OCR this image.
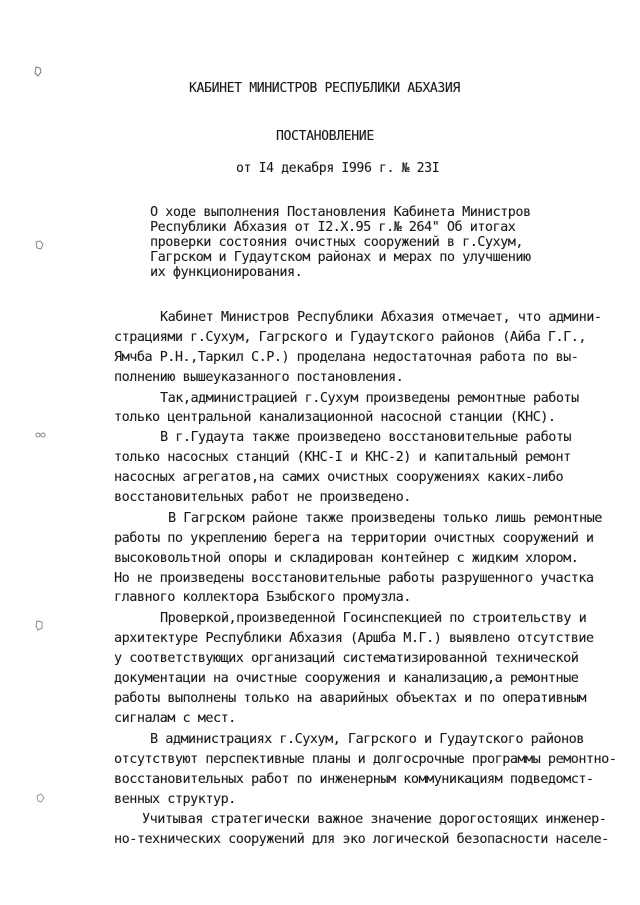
КАБИНЕТ МИНИСТРОВ РЕСПУБЛИКИ АБХАЗИЯ
ПОСТАНОВЛЕНИЕ
от I4 декабря I996 г. № 23I
О ходе выполнения Постановления Кабинета Министров
Республики Абхазия от I2.X.95 г.№ 264" Об итогах
проверки состояния очистных сооружений в г.Сухум,
Гагрском и Гудаутском районах и мерах по улучшению
их функционирования.
Кабинет Министров Республики Абхазия отмечает, что админи-
страциями г.Сухум, Гагрского и Гудаутского районов (Айба Г.Г.,
Ямчба Р.Н.,Таркил С.Р.) проделана недостаточная работа по вы-
полнению вышеуказанного постановления.
Так,администрацией г.Сухум произведены ремонтные работы
только центральной канализационной насосной станции (КНС).
В г.Гудаута также произведено восстановительные работы
только насосных станций (КНС-I и КНС-2) и капитальный ремонт
насосных агрегатов,на самих очистных сооружениях каких-либо
восстановительных работ не произведено.
В Гагрском районе также произведены только лишь ремонтные
работы по укреплению берега на территории очистных сооружений и
высоковольтной опоры и складирован контейнер с жидким хлором.
Но не произведены восстановительные работы разрушенного участка
главного коллектора Бзыбского промузла.
Проверкой,произведенной Госинспекцией по строительству и
архитектуре Республики Абхазия (Аршба М.Г.) выявлено отсутствие
у соответствующих организаций систематизированной технической
документации на очистные сооружения и канализацию,а ремонтные
работы выполнены только на аварийных объектах и по оперативным
сигналам с мест.
В администрациях г.Сухум, Гагрского и Гудаутского районов
отсутствуют перспективные планы и долгосрочные программы ремонтно-
восстановительных работ по инженерным коммуникациям подведомст-
венных структур.
Учитывая стратегически важное значение дорогостоящих инженер-
но-технических сооружений для эко логической безопасности населе-
